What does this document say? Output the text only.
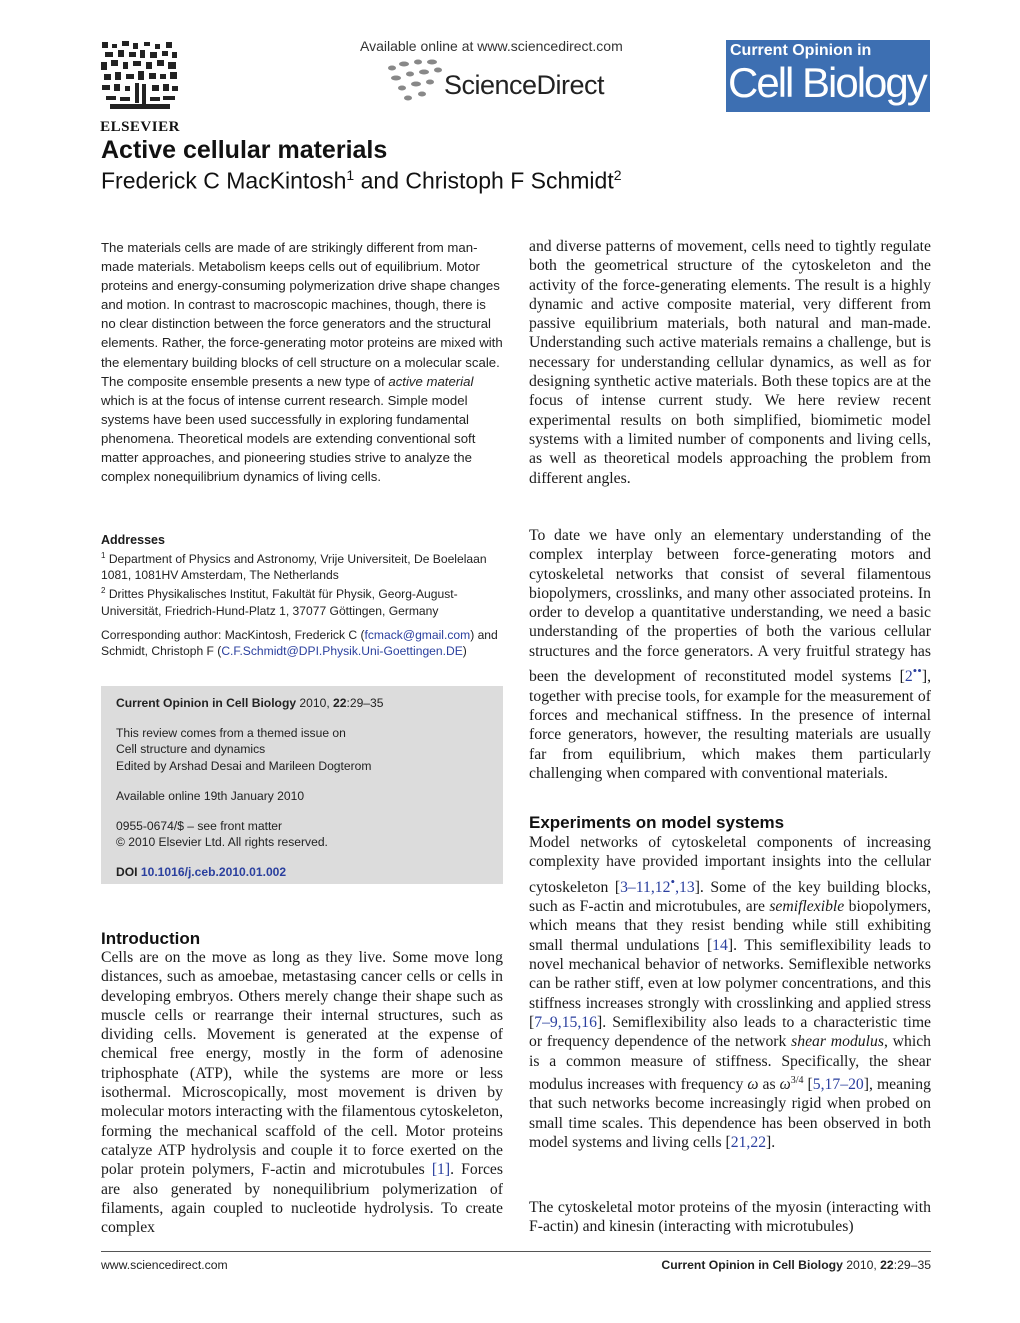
ELSEVIER
Available online at www.sciencedirect.com
ScienceDirect
Current Opinion in
Cell Biology
Active cellular materials
Frederick C MacKintosh$^1$ and Christoph F Schmidt$^2$
The materials cells are made of are strikingly different from man-made materials. Metabolism keeps cells out of equilibrium. Motor proteins and energy-consuming polymerization drive shape changes and motion. In contrast to macroscopic machines, though, there is no clear distinction between the force generators and the structural elements. Rather, the force-generating motor proteins are mixed with the elementary building blocks of cell structure on a molecular scale. The composite ensemble presents a new type of active material which is at the focus of intense current research. Simple model systems have been used successfully in exploring fundamental phenomena. Theoretical models are extending conventional soft matter approaches, and pioneering studies strive to analyze the complex nonequilibrium dynamics of living cells.
Addresses
$^1$ Department of Physics and Astronomy, Vrije Universiteit, De Boelelaan 1081, 1081HV Amsterdam, The Netherlands
$^2$ Drittes Physikalisches Institut, Fakultät für Physik, Georg-August-Universität, Friedrich-Hund-Platz 1, 37077 Göttingen, Germany
Corresponding author: MacKintosh, Frederick C (fcmack@gmail.com) and Schmidt, Christoph F (C.F.Schmidt@DPI.Physik.Uni-Goettingen.DE)
Current Opinion in Cell Biology 2010, 22:29–35
This review comes from a themed issue on
Cell structure and dynamics
Edited by Arshad Desai and Marileen Dogterom
Available online 19th January 2010
0955-0674/$ – see front matter
© 2010 Elsevier Ltd. All rights reserved.
DOI 10.1016/j.ceb.2010.01.002
Introduction
Cells are on the move as long as they live. Some move long distances, such as amoebae, metastasing cancer cells or cells in developing embryos. Others merely change their shape such as muscle cells or rearrange their internal structures, such as dividing cells. Movement is generated at the expense of chemical free energy, mostly in the form of adenosine triphosphate (ATP), while the systems are more or less isothermal. Microscopically, most movement is driven by molecular motors interacting with the filamentous cytoskeleton, forming the mechanical scaffold of the cell. Motor proteins catalyze ATP hydrolysis and couple it to force exerted on the polar protein polymers, F-actin and microtubules [1]. Forces are also generated by nonequilibrium polymerization of filaments, again coupled to nucleotide hydrolysis. To create complex
and diverse patterns of movement, cells need to tightly regulate both the geometrical structure of the cytoskeleton and the activity of the force-generating elements. The result is a highly dynamic and active composite material, very different from passive equilibrium materials, both natural and man-made. Understanding such active materials remains a challenge, but is necessary for understanding cellular dynamics, as well as for designing synthetic active materials. Both these topics are at the focus of intense current study. We here review recent experimental results on both simplified, biomimetic model systems with a limited number of components and living cells, as well as theoretical models approaching the problem from different angles.
To date we have only an elementary understanding of the complex interplay between force-generating motors and cytoskeletal networks that consist of several filamentous biopolymers, crosslinks, and many other associated proteins. In order to develop a quantitative understanding, we need a basic understanding of the properties of both the various cellular structures and the force generators. A very fruitful strategy has been the development of reconstituted model systems [2••], together with precise tools, for example for the measurement of forces and mechanical stiffness. In the presence of internal force generators, however, the resulting materials are usually far from equilibrium, which makes them particularly challenging when compared with conventional materials.
Experiments on model systems
Model networks of cytoskeletal components of increasing complexity have provided important insights into the cellular cytoskeleton [3–11,12•,13]. Some of the key building blocks, such as F-actin and microtubules, are semiflexible biopolymers, which means that they resist bending while still exhibiting small thermal undulations [14]. This semiflexibility leads to novel mechanical behavior of networks. Semiflexible networks can be rather stiff, even at low polymer concentrations, and this stiffness increases strongly with crosslinking and applied stress [7–9,15,16]. Semiflexibility also leads to a characteristic time or frequency dependence of the network shear modulus, which is a common measure of stiffness. Specifically, the shear modulus increases with frequency ω as $\omega^{3/4}$ [5,17–20], meaning that such networks become increasingly rigid when probed on small time scales. This dependence has been observed in both model systems and living cells [21,22].
The cytoskeletal motor proteins of the myosin (interacting with F-actin) and kinesin (interacting with microtubules)
www.sciencedirect.com	Current Opinion in Cell Biology 2010, 22:29–35
